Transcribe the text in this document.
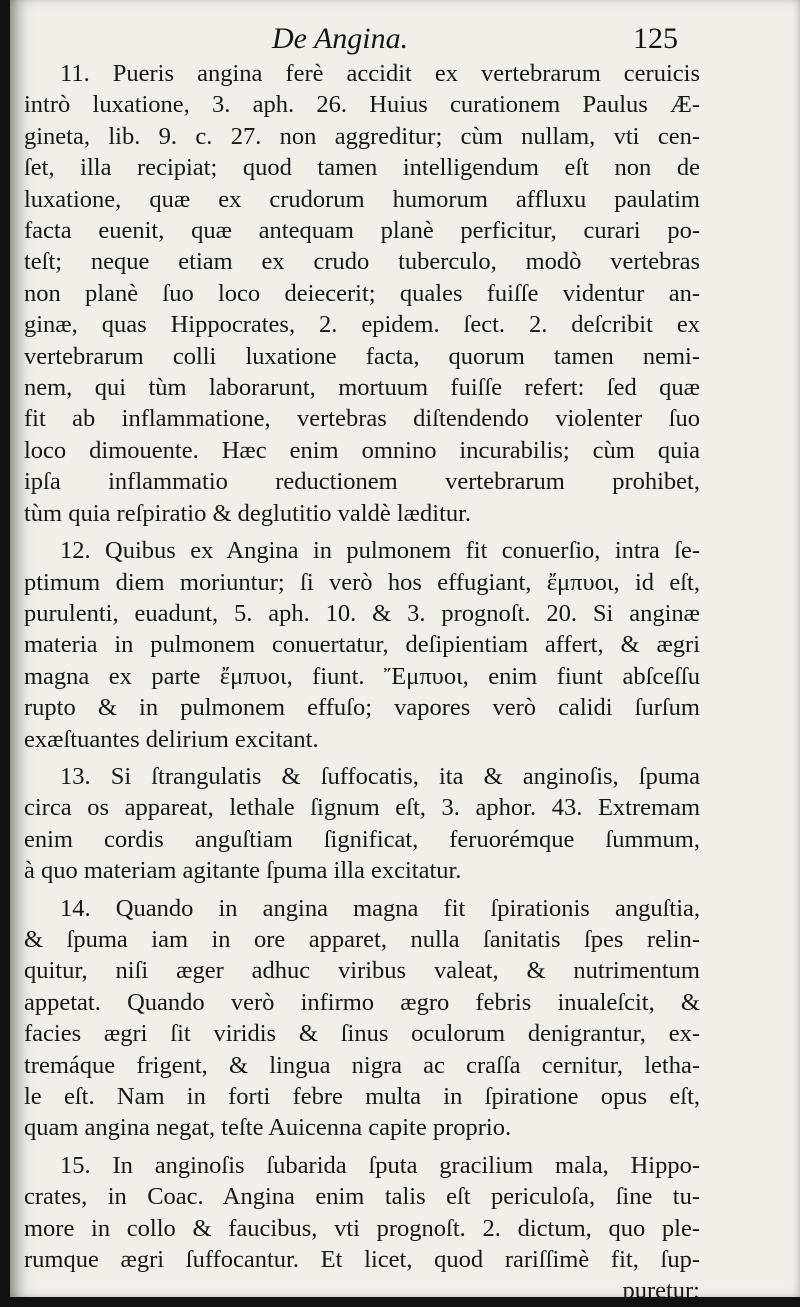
De Angina.	125
11. Pueris angina ferè accidit ex vertebrarum ceruicis
intrò luxatione, 3. aph. 26. Huius curationem Paulus Æ-
gineta, lib. 9. c. 27. non aggreditur; cùm nullam, vti cen-
ſet, illa recipiat; quod tamen intelligendum eſt non de
luxatione, quæ ex crudorum humorum affluxu paulatim
facta euenit, quæ antequam planè perficitur, curari po-
teſt; neque etiam ex crudo tuberculo, modò vertebras
non planè ſuo loco deiecerit; quales fuiſſe videntur an-
ginæ, quas Hippocrates, 2. epidem. ſect. 2. deſcribit ex
vertebrarum colli luxatione facta, quorum tamen nemi-
nem, qui tùm laborarunt, mortuum fuiſſe refert: ſed quæ
fit ab inflammatione, vertebras diſtendendo violenter ſuo
loco dimouente. Hæc enim omnino incurabilis; cùm quia
ipſa inflammatio reductionem vertebrarum prohibet,
tùm quia reſpiratio & deglutitio valdè læditur.
12. Quibus ex Angina in pulmonem fit conuerſio, intra ſe-
ptimum diem moriuntur; ſi verò hos effugiant, ἔμπυοι, id eſt,
purulenti, euadunt, 5. aph. 10. & 3. prognoſt. 20. Si anginæ
materia in pulmonem conuertatur, deſipientiam affert, & ægri
magna ex parte ἔμπυοι, fiunt. Ἔμπυοι, enim fiunt abſceſſu
rupto & in pulmonem effuſo; vapores verò calidi ſurſum
exæſtuantes delirium excitant.
13. Si ſtrangulatis & ſuffocatis, ita & anginoſis, ſpuma
circa os appareat, lethale ſignum eſt, 3. aphor. 43. Extremam
enim cordis anguſtiam ſignificat, feruorémque ſummum,
à quo materiam agitante ſpuma illa excitatur.
14. Quando in angina magna fit ſpirationis anguſtia,
& ſpuma iam in ore apparet, nulla ſanitatis ſpes relin-
quitur, niſi æger adhuc viribus valeat, & nutrimentum
appetat. Quando verò infirmo ægro febris inualeſcit, &
facies ægri ſit viridis & ſinus oculorum denigrantur, ex-
tremáque frigent, & lingua nigra ac craſſa cernitur, letha-
le eſt. Nam in forti febre multa in ſpiratione opus eſt,
quam angina negat, teſte Auicenna capite proprio.
15. In anginoſis ſubarida ſputa gracilium mala, Hippo-
crates, in Coac. Angina enim talis eſt periculoſa, ſine tu-
more in collo & faucibus, vti prognoſt. 2. dictum, quo ple-
rumque ægri ſuffocantur. Et licet, quod rariſſimè fit, ſup-
puretur;
